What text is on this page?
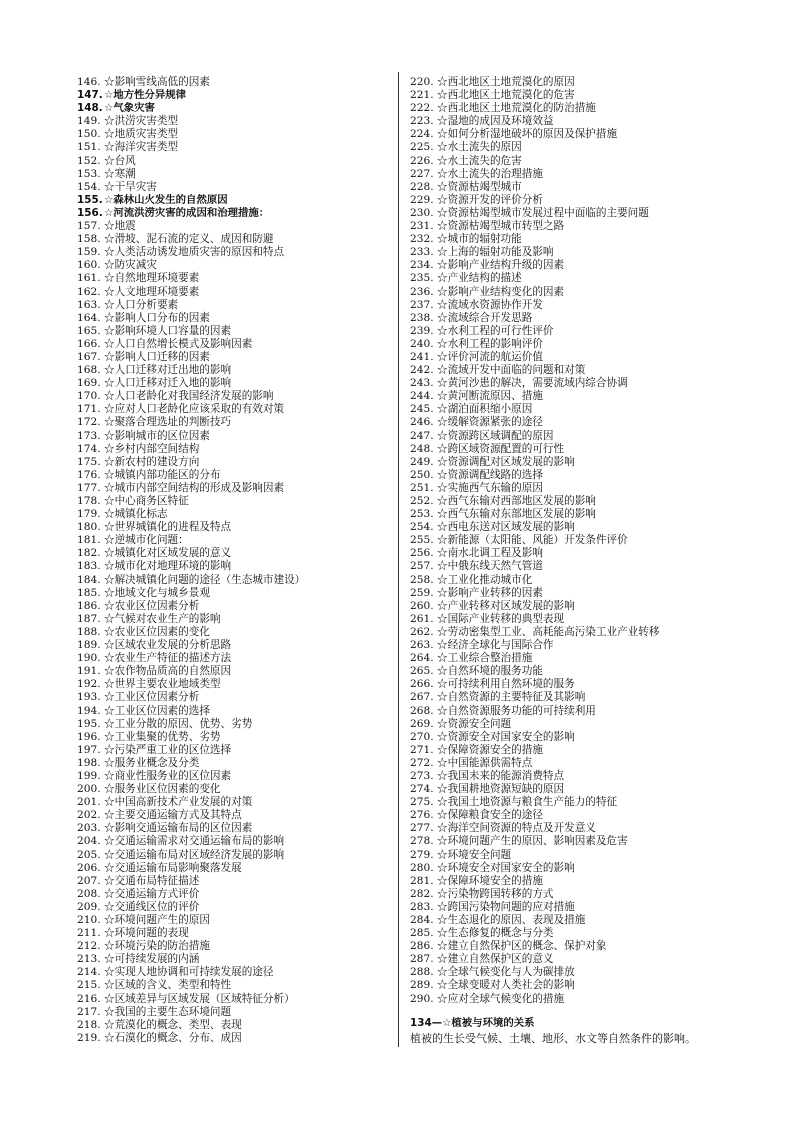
146. ☆影响雪线高低的因素
147.☆地方性分异规律
148.☆气象灾害
149. ☆洪涝灾害类型
150. ☆地质灾害类型
151. ☆海洋灾害类型
152. ☆台风
153. ☆寒潮
154. ☆干旱灾害
155.☆森林山火发生的自然原因
156.☆河流洪涝灾害的成因和治理措施：
157. ☆地震
158. ☆滑坡、泥石流的定义、成因和防避
159. ☆人类活动诱发地质灾害的原因和特点
160. ☆防灾减灾
161. ☆自然地理环境要素
162. ☆人文地理环境要素
163. ☆人口分析要素
164. ☆影响人口分布的因素
165. ☆影响环境人口容量的因素
166. ☆人口自然增长模式及影响因素
167. ☆影响人口迁移的因素
168. ☆人口迁移对迁出地的影响
169. ☆人口迁移对迁入地的影响
170. ☆人口老龄化对我国经济发展的影响
171. ☆应对人口老龄化应该采取的有效对策
172. ☆聚落合理选址的判断技巧
173. ☆影响城市的区位因素
174. ☆乡村内部空间结构
175. ☆新农村的建设方向
176. ☆城镇内部功能区的分布
177. ☆城市内部空间结构的形成及影响因素
178. ☆中心商务区特征
179. ☆城镇化标志
180. ☆世界城镇化的进程及特点
181. ☆逆城市化问题：
182. ☆城镇化对区域发展的意义
183. ☆城市化对地理环境的影响
184. ☆解决城镇化问题的途径（生态城市建设）
185. ☆地域文化与城乡景观
186. ☆农业区位因素分析
187. ☆气候对农业生产的影响
188. ☆农业区位因素的变化
189. ☆区域农业发展的分析思路
190. ☆农业生产特征的描述方法
191. ☆农作物品质高的自然原因
192. ☆世界主要农业地域类型
193. ☆工业区位因素分析
194. ☆工业区位因素的选择
195. ☆工业分散的原因、优势、劣势
196. ☆工业集聚的优势、劣势
197. ☆污染严重工业的区位选择
198. ☆服务业概念及分类
199. ☆商业性服务业的区位因素
200. ☆服务业区位因素的变化
201. ☆中国高新技术产业发展的对策
202. ☆主要交通运输方式及其特点
203. ☆影响交通运输布局的区位因素
204. ☆交通运输需求对交通运输布局的影响
205. ☆交通运输布局对区域经济发展的影响
206. ☆交通运输布局影响聚落发展
207. ☆交通布局特征描述
208. ☆交通运输方式评价
209. ☆交通线区位的评价
210. ☆环境问题产生的原因
211. ☆环境问题的表现
212. ☆环境污染的防治措施
213. ☆可持续发展的内涵
214. ☆实现人地协调和可持续发展的途径
215. ☆区域的含义、类型和特性
216. ☆区域差异与区域发展（区域特征分析）
217. ☆我国的主要生态环境问题
218. ☆荒漠化的概念、类型、表现
219. ☆石漠化的概念、分布、成因
220. ☆西北地区土地荒漠化的原因
221. ☆西北地区土地荒漠化的危害
222. ☆西北地区土地荒漠化的防治措施
223. ☆湿地的成因及环境效益
224. ☆如何分析湿地破坏的原因及保护措施
225. ☆水土流失的原因
226. ☆水土流失的危害
227. ☆水土流失的治理措施
228. ☆资源枯竭型城市
229. ☆资源开发的评价分析
230. ☆资源枯竭型城市发展过程中面临的主要问题
231. ☆资源枯竭型城市转型之路
232. ☆城市的辐射功能
233. ☆上海的辐射功能及影响
234. ☆影响产业结构升级的因素
235. ☆产业结构的描述
236. ☆影响产业结构变化的因素
237. ☆流域水资源协作开发
238. ☆流域综合开发思路
239. ☆水利工程的可行性评价
240. ☆水利工程的影响评价
241. ☆评价河流的航运价值
242. ☆流域开发中面临的问题和对策
243. ☆黄河沙患的解决，需要流域内综合协调
244. ☆黄河断流原因、措施
245. ☆湖泊面积缩小原因
246. ☆缓解资源紧张的途径
247. ☆资源跨区域调配的原因
248. ☆跨区域资源配置的可行性
249. ☆资源调配对区域发展的影响
250. ☆资源调配线路的选择
251. ☆实施西气东输的原因
252. ☆西气东输对西部地区发展的影响
253. ☆西气东输对东部地区发展的影响
254. ☆西电东送对区域发展的影响
255. ☆新能源（太阳能、风能）开发条件评价
256. ☆南水北调工程及影响
257. ☆中俄东线天然气管道
258. ☆工业化推动城市化
259. ☆影响产业转移的因素
260. ☆产业转移对区域发展的影响
261. ☆国际产业转移的典型表现
262. ☆劳动密集型工业、高耗能高污染工业产业转移
263. ☆经济全球化与国际合作
264. ☆工业综合整治措施
265. ☆自然环境的服务功能
266. ☆可持续利用自然环境的服务
267. ☆自然资源的主要特征及其影响
268. ☆自然资源服务功能的可持续利用
269. ☆资源安全问题
270. ☆资源安全对国家安全的影响
271. ☆保障资源安全的措施
272. ☆中国能源供需特点
273. ☆我国未来的能源消费特点
274. ☆我国耕地资源短缺的原因
275. ☆我国土地资源与粮食生产能力的特征
276. ☆保障粮食安全的途径
277. ☆海洋空间资源的特点及开发意义
278. ☆环境问题产生的原因、影响因素及危害
279. ☆环境安全问题
280. ☆环境安全对国家安全的影响
281. ☆保障环境安全的措施
282. ☆污染物跨国转移的方式
283. ☆跨国污染物问题的应对措施
284. ☆生态退化的原因、表现及措施
285. ☆生态修复的概念与分类
286. ☆建立自然保护区的概念、保护对象
287. ☆建立自然保护区的意义
288. ☆全球气候变化与人为碳排放
289. ☆全球变暖对人类社会的影响
290. ☆应对全球气候变化的措施
134—☆植被与环境的关系
植被的生长受气候、土壤、地形、水文等自然条件的影响。
